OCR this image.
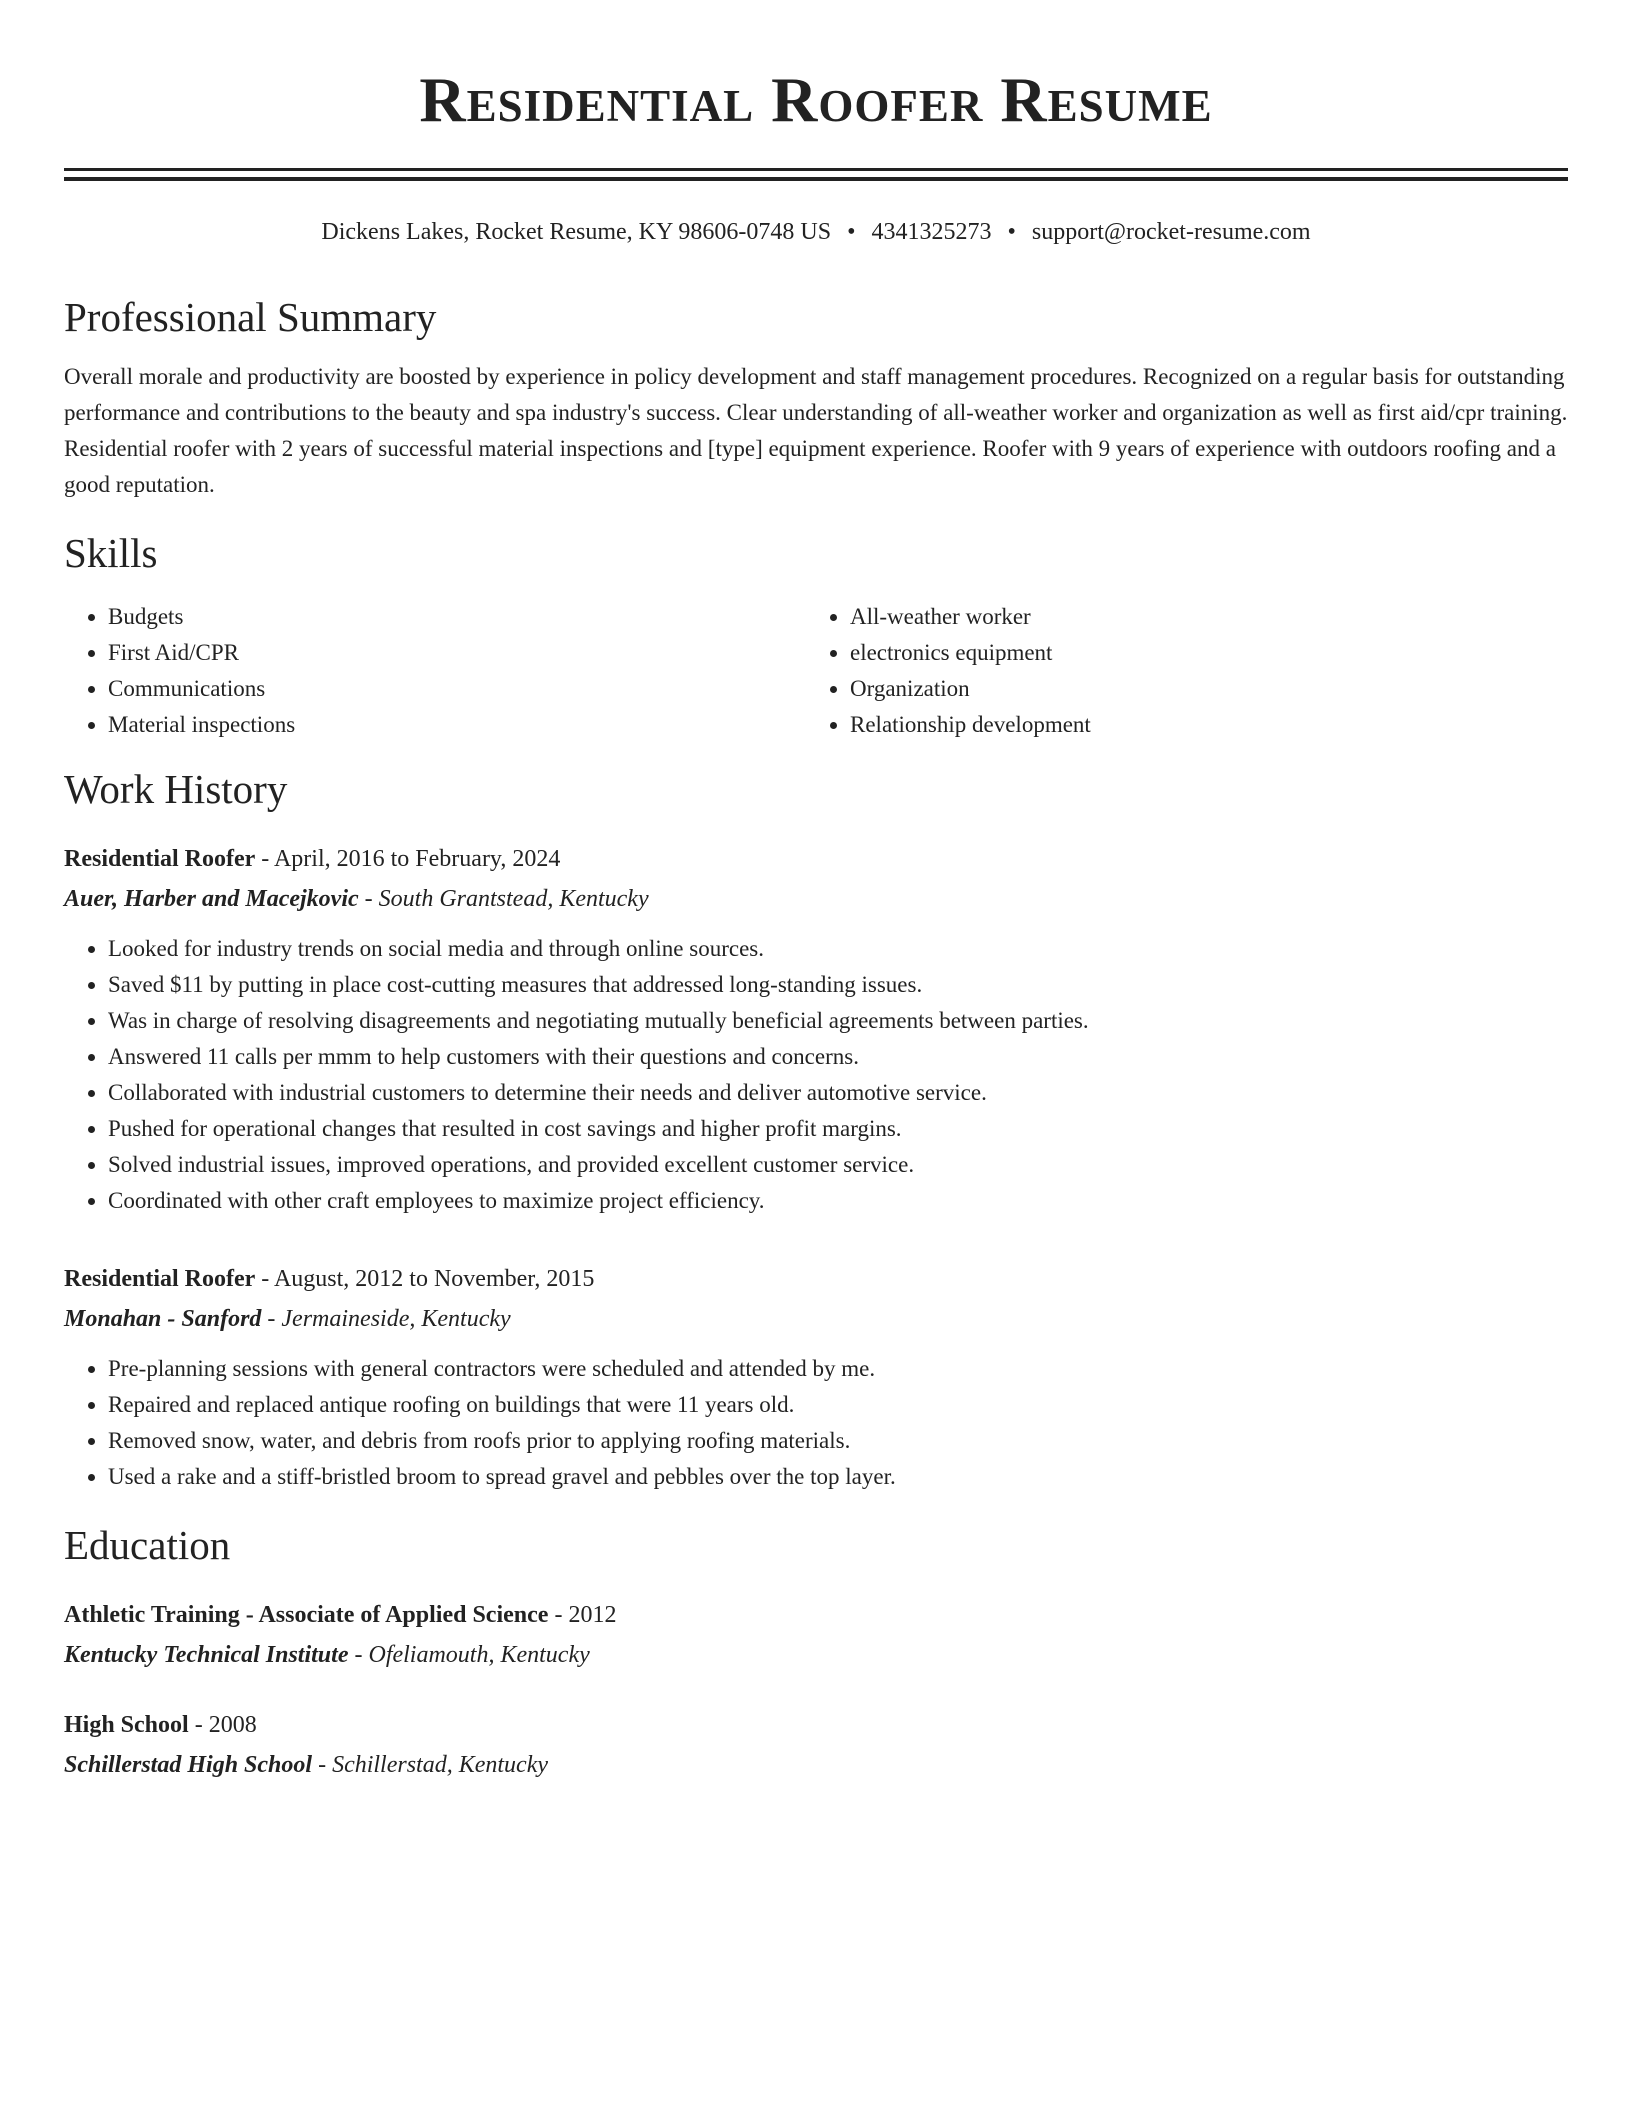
Residential Roofer Resume
Dickens Lakes, Rocket Resume, KY 98606-0748 US • 4341325273 • support@rocket-resume.com
Professional Summary

Overall morale and productivity are boosted by experience in policy development and staff management procedures. Recognized on a regular basis for outstanding performance and contributions to the beauty and spa industry's success. Clear understanding of all-weather worker and organization as well as first aid/cpr training. Residential roofer with 2 years of successful material inspections and [type] equipment experience. Roofer with 9 years of experience with outdoors roofing and a good reputation.

Skills
• Budgets
• First Aid/CPR
• Communications
• Material inspections
• All-weather worker
• electronics equipment
• Organization
• Relationship development
Work History

Residential Roofer - April, 2016 to February, 2024

Auer, Harber and Macejkovic - South Grantstead, Kentucky

• Looked for industry trends on social media and through online sources.
• Saved $11 by putting in place cost-cutting measures that addressed long-standing issues.
• Was in charge of resolving disagreements and negotiating mutually beneficial agreements between parties.
• Answered 11 calls per mmm to help customers with their questions and concerns.
• Collaborated with industrial customers to determine their needs and deliver automotive service.
• Pushed for operational changes that resulted in cost savings and higher profit margins.
• Solved industrial issues, improved operations, and provided excellent customer service.
• Coordinated with other craft employees to maximize project efficiency.

Residential Roofer - August, 2012 to November, 2015

Monahan - Sanford - Jermaineside, Kentucky

• Pre-planning sessions with general contractors were scheduled and attended by me.
• Repaired and replaced antique roofing on buildings that were 11 years old.
• Removed snow, water, and debris from roofs prior to applying roofing materials.
• Used a rake and a stiff-bristled broom to spread gravel and pebbles over the top layer.
Education

Athletic Training - Associate of Applied Science - 2012

Kentucky Technical Institute - Ofeliamouth, Kentucky

High School - 2008

Schillerstad High School - Schillerstad, Kentucky
